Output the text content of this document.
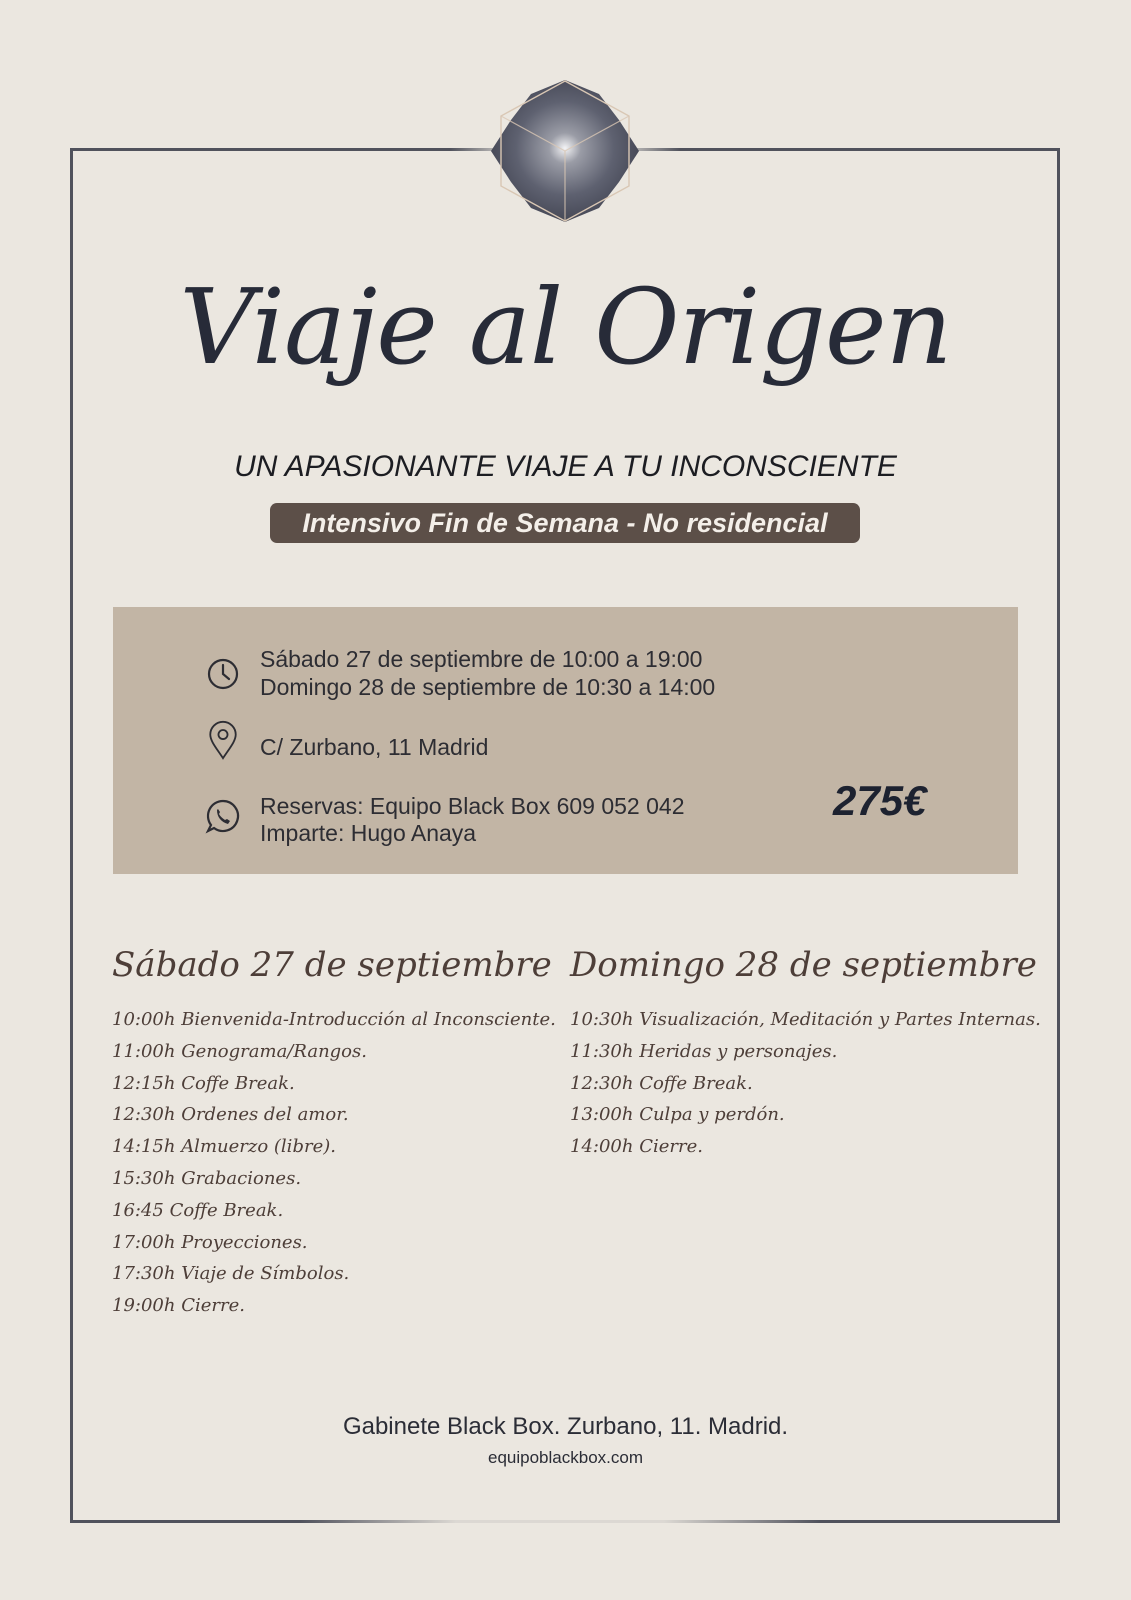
Viaje al Origen
UN APASIONANTE VIAJE A TU INCONSCIENTE
Intensivo Fin de Semana - No residencial
Sábado 27 de septiembre de 10:00 a 19:00
Domingo 28 de septiembre de 10:30 a 14:00
C/ Zurbano, 11 Madrid
Reservas: Equipo Black Box 609 052 042
Imparte: Hugo Anaya
275€
Sábado 27 de septiembre
10:00h Bienvenida-Introducción al Inconsciente.
11:00h Genograma/Rangos.
12:15h Coffe Break.
12:30h Ordenes del amor.
14:15h Almuerzo (libre).
15:30h Grabaciones.
16:45 Coffe Break.
17:00h Proyecciones.
17:30h Viaje de Símbolos.
19:00h Cierre.
Domingo 28 de septiembre
10:30h Visualización, Meditación y Partes Internas.
11:30h Heridas y personajes.
12:30h Coffe Break.
13:00h Culpa y perdón.
14:00h Cierre.
Gabinete Black Box. Zurbano, 11. Madrid.
equipoblackbox.com
